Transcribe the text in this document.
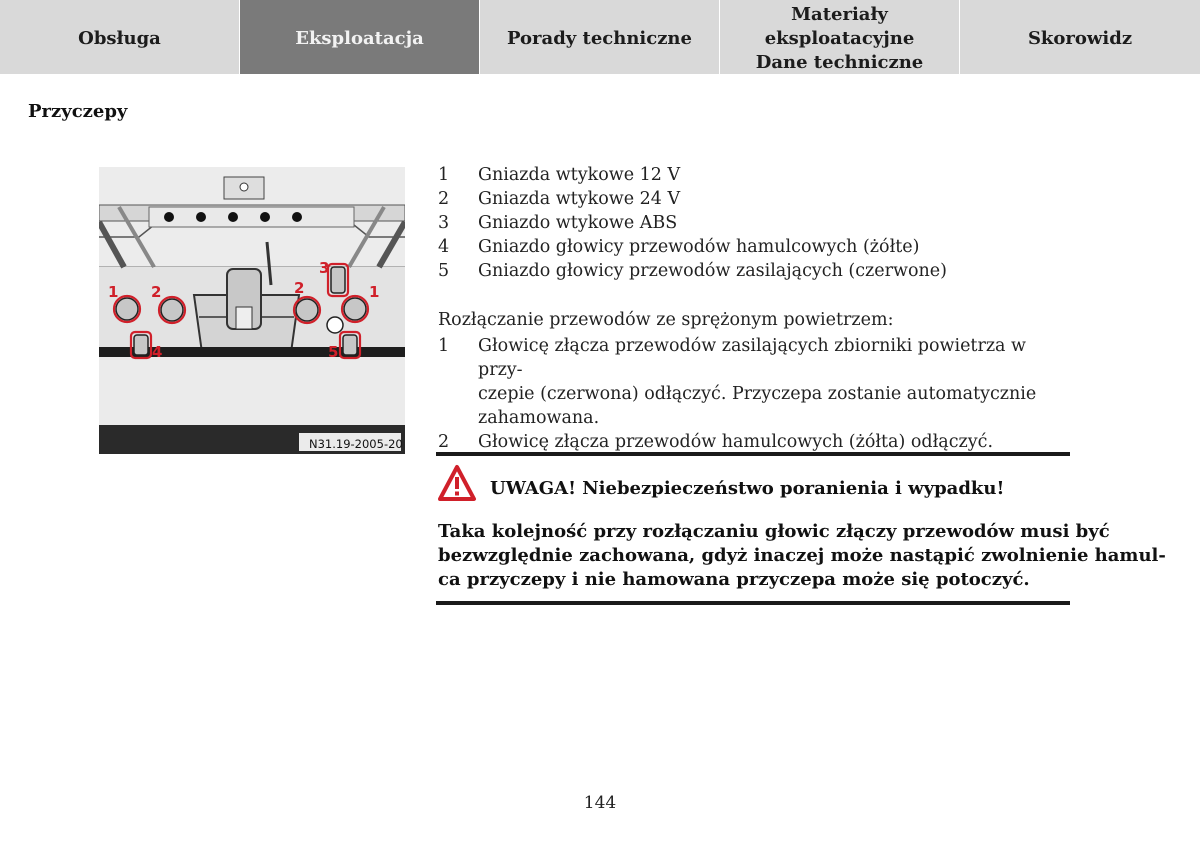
Obsługa	Eksploatacja	Porady techniczne
Materiały eksploatacyjne
Dane techniczne
Skorowidz
Przyczepy
1 2
3
2	1
4	5
N31.19-2005-20
1	Gniazda wtykowe 12 V
2	Gniazda wtykowe 24 V
3	Gniazdo wtykowe ABS
4	Gniazdo głowicy przewodów hamulcowych (żółte)
5	Gniazdo głowicy przewodów zasilających (czerwone)
Rozłączanie przewodów ze sprężonym powietrzem:
1	Głowicę złącza przewodów zasilających zbiorniki powietrza w przy-
czepie (czerwona) odłączyć. Przyczepa zostanie automatycznie
zahamowana.
2	Głowicę złącza przewodów hamulcowych (żółta) odłączyć.
UWAGA! Niebezpieczeństwo poranienia i wypadku!
Taka kolejność przy rozłączaniu głowic złączy przewodów musi być
bezwzględnie zachowana, gdyż inaczej może nastąpić zwolnienie hamul-
ca przyczepy i nie hamowana przyczepa może się potoczyć.
144
